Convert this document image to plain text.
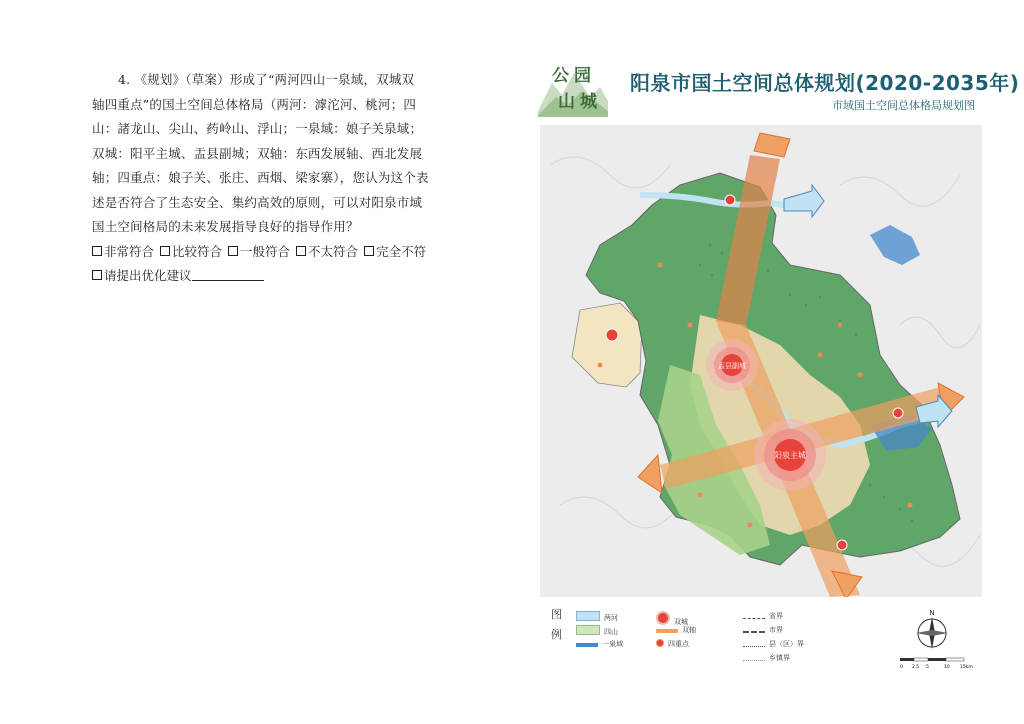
4. 《规划》（草案）形成了“两河四山一泉域，双城双
轴四重点”的国土空间总体格局（两河：滹沱河、桃河；四
山：諸龙山、尖山、药岭山、浮山；一泉域：娘子关泉域；
双城：阳平主城、盂县副城；双轴：东西发展轴、西北发展
轴；四重点：娘子关、张庄、西烟、梁家寨），您认为这个表
述是否符合了生态安全、集约高效的原则，可以对阳泉市域
国土空间格局的未来发展指导良好的指导作用？
非常符合 比较符合 一般符合 不太符合 完全不符
请提出优化建议
公 园
山 城
阳泉市国土空间总体规划(2020-2035年)
市域国土空间总体格局规划图
阳泉主城
盂县副城
图例
两河
四山
一泉域
双城
双轴
四重点
省界
市界
县（区）界
乡镇界
N
0 2.5 5	10 15km
